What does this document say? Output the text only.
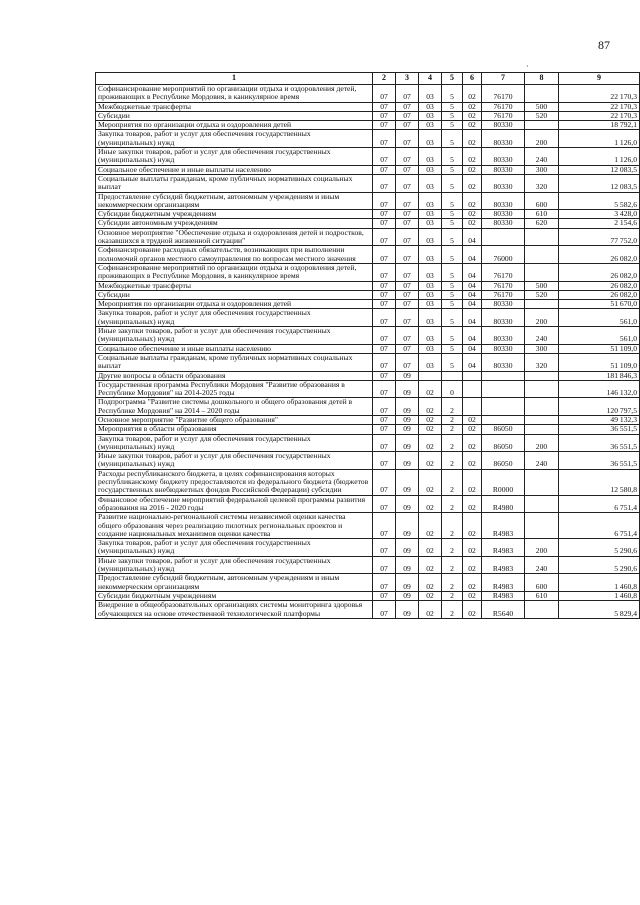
87
·
1	2	3	4	5	6	7	8	9
Софинансирование мероприятий по организации отдыха и оздоровления детей, проживающих в Республике Мордовия, в каникулярное время	07	07	03	5	02	76170		22 170,3
Межбюджетные трансферты	07	07	03	5	02	76170	500	22 170,3
Субсидии	07	07	03	5	02	76170	520	22 170,3
Мероприятия по организации отдыха и оздоровления детей	07	07	03	5	02	80330		18 792,1
Закупка товаров, работ и услуг для обеспечения государственных (муниципальных) нужд	07	07	03	5	02	80330	200	1 126,0
Иные закупки товаров, работ и услуг для обеспечения государственных (муниципальных) нужд	07	07	03	5	02	80330	240	1 126,0
Социальное обеспечение и иные выплаты населению	07	07	03	5	02	80330	300	12 083,5
Социальные выплаты гражданам, кроме публичных нормативных социальных выплат	07	07	03	5	02	80330	320	12 083,5
Предоставление субсидий бюджетным, автономным учреждениям и иным некоммерческим организациям	07	07	03	5	02	80330	600	5 582,6
Субсидии бюджетным учреждениям	07	07	03	5	02	80330	610	3 428,0
Субсидии автономным учреждениям	07	07	03	5	02	80330	620	2 154,6
Основное мероприятие "Обеспечение отдыха и оздоровления детей и подростков, оказавшихся в трудной жизненной ситуации"	07	07	03	5	04			77 752,0
Софинансирование расходных обязательств, возникающих при выполнении полномочий органов местного самоуправления по вопросам местного значения	07	07	03	5	04	76000		26 082,0
Софинансирование мероприятий по организации отдыха и оздоровления детей, проживающих в Республике Мордовия, в каникулярное время	07	07	03	5	04	76170		26 082,0
Межбюджетные трансферты	07	07	03	5	04	76170	500	26 082,0
Субсидии	07	07	03	5	04	76170	520	26 082,0
Мероприятия по организации отдыха и оздоровления детей	07	07	03	5	04	80330		51 670,0
Закупка товаров, работ и услуг для обеспечения государственных (муниципальных) нужд	07	07	03	5	04	80330	200	561,0
Иные закупки товаров, работ и услуг для обеспечения государственных (муниципальных) нужд	07	07	03	5	04	80330	240	561,0
Социальное обеспечение и иные выплаты населению	07	07	03	5	04	80330	300	51 109,0
Социальные выплаты гражданам, кроме публичных нормативных социальных выплат	07	07	03	5	04	80330	320	51 109,0
Другие вопросы в области образования	07	09						181 846,3
Государственная программа Республики Мордовия "Развитие образования в Республике Мордовия" на 2014-2025 годы	07	09	02	0				146 132,0
Подпрограмма "Развитие системы дошкольного и общего образования детей в Республике Мордовия" на 2014 – 2020 годы	07	09	02	2				120 797,5
Основное мероприятие "Развитие общего образования"	07	09	02	2	02			49 132,3
Мероприятия в области образования	07	09	02	2	02	86050		36 551,5
Закупка товаров, работ и услуг для обеспечения государственных (муниципальных) нужд	07	09	02	2	02	86050	200	36 551,5
Иные закупки товаров, работ и услуг для обеспечения государственных (муниципальных) нужд	07	09	02	2	02	86050	240	36 551,5
Расходы республиканского бюджета, в целях софинансирования которых республиканскому бюджету предоставляются из федерального бюджета (бюджетов государственных внебюджетных фондов Российской Федерации) субсидии	07	09	02	2	02	R0000		12 580,8
Финансовое обеспечение мероприятий федеральной целевой программы развития образования на 2016 - 2020 годы	07	09	02	2	02	R4980		6 751,4
Развитие национально-региональной системы независимой оценки качества общего образования через реализацию пилотных региональных проектов и создание национальных механизмов оценки качества	07	09	02	2	02	R4983		6 751,4
Закупка товаров, работ и услуг для обеспечения государственных (муниципальных) нужд	07	09	02	2	02	R4983	200	5 290,6
Иные закупки товаров, работ и услуг для обеспечения государственных (муниципальных) нужд	07	09	02	2	02	R4983	240	5 290,6
Предоставление субсидий бюджетным, автономным учреждениям и иным некоммерческим организациям	07	09	02	2	02	R4983	600	1 460,8
Субсидии бюджетным учреждениям	07	09	02	2	02	R4983	610	1 460,8
Внедрение в общеобразовательных организациях системы мониторинга здоровья обучающихся на основе отечественной технологической платформы	07	09	02	2	02	R5640		5 829,4
